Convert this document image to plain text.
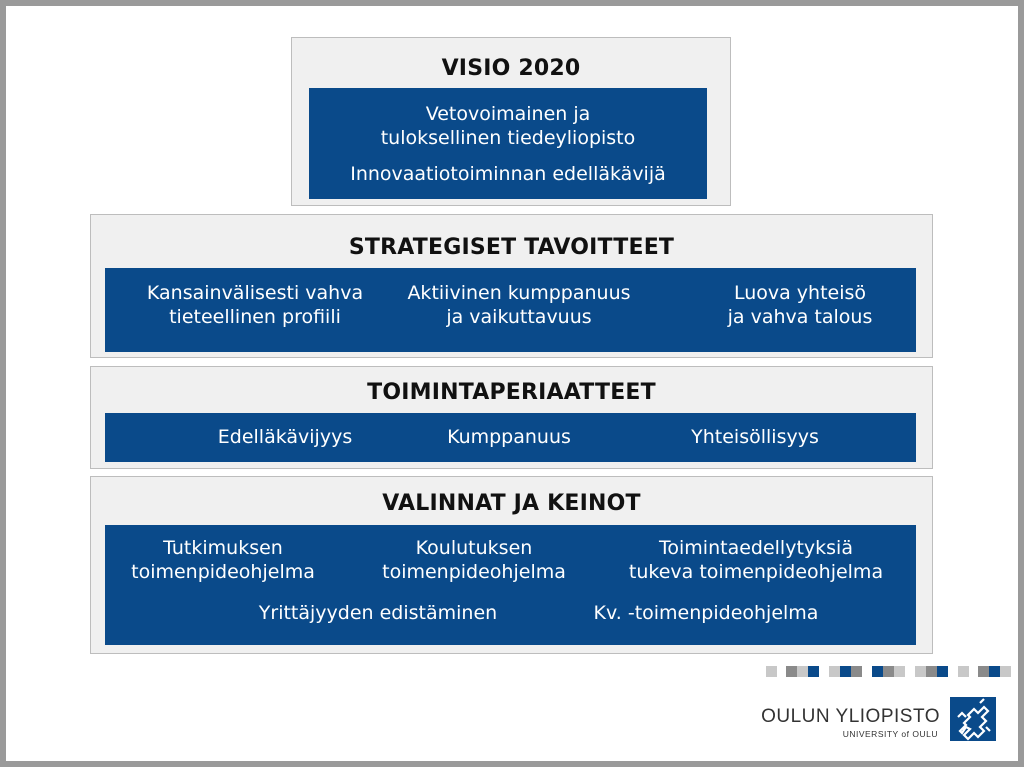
VISIO 2020
Vetovoimainen ja
tuloksellinen tiedeyliopisto
Innovaatiotoiminnan edelläkävijä
STRATEGISET TAVOITTEET
Kansainvälisesti vahva
tieteellinen profiili
Aktiivinen kumppanuus
ja vaikuttavuus
Luova yhteisö
ja vahva talous
TOIMINTAPERIAATTEET
Edelläkävijyys	Kumppanuus	Yhteisöllisyys
VALINNAT JA KEINOT
Tutkimuksen
toimenpideohjelma
Koulutuksen
toimenpideohjelma
Toimintaedellytyksiä
tukeva toimenpideohjelma
Yrittäjyyden edistäminen	Kv. -toimenpideohjelma
OULUN YLIOPISTO
UNIVERSITY of OULU
